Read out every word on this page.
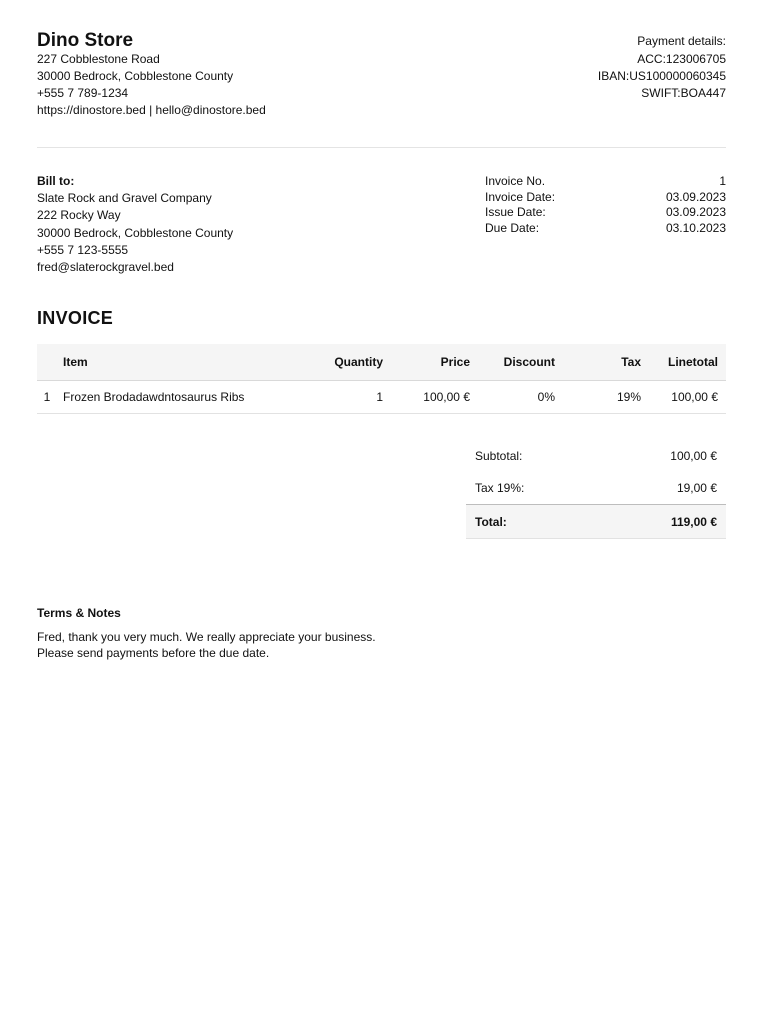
Dino Store
227 Cobblestone Road
30000 Bedrock, Cobblestone County
+555 7 789-1234
https://dinostore.bed | hello@dinostore.bed
Payment details:
ACC:123006705
IBAN:US100000060345
SWIFT:BOA447
Bill to:
Slate Rock and Gravel Company
222 Rocky Way
30000 Bedrock, Cobblestone County
+555 7 123-5555
fred@slaterockgravel.bed
Invoice No.	1
Invoice Date:	03.09.2023
Issue Date:	03.09.2023
Due Date:	03.10.2023
INVOICE
	Item	Quantity	Price	Discount	Tax	Linetotal
1	Frozen Brodadawdntosaurus Ribs	1	100,00 €	0%	19%	100,00 €
Subtotal:	100,00 €
Tax 19%:	19,00 €
Total:	119,00 €
Terms & Notes
Fred, thank you very much. We really appreciate your business.
Please send payments before the due date.
